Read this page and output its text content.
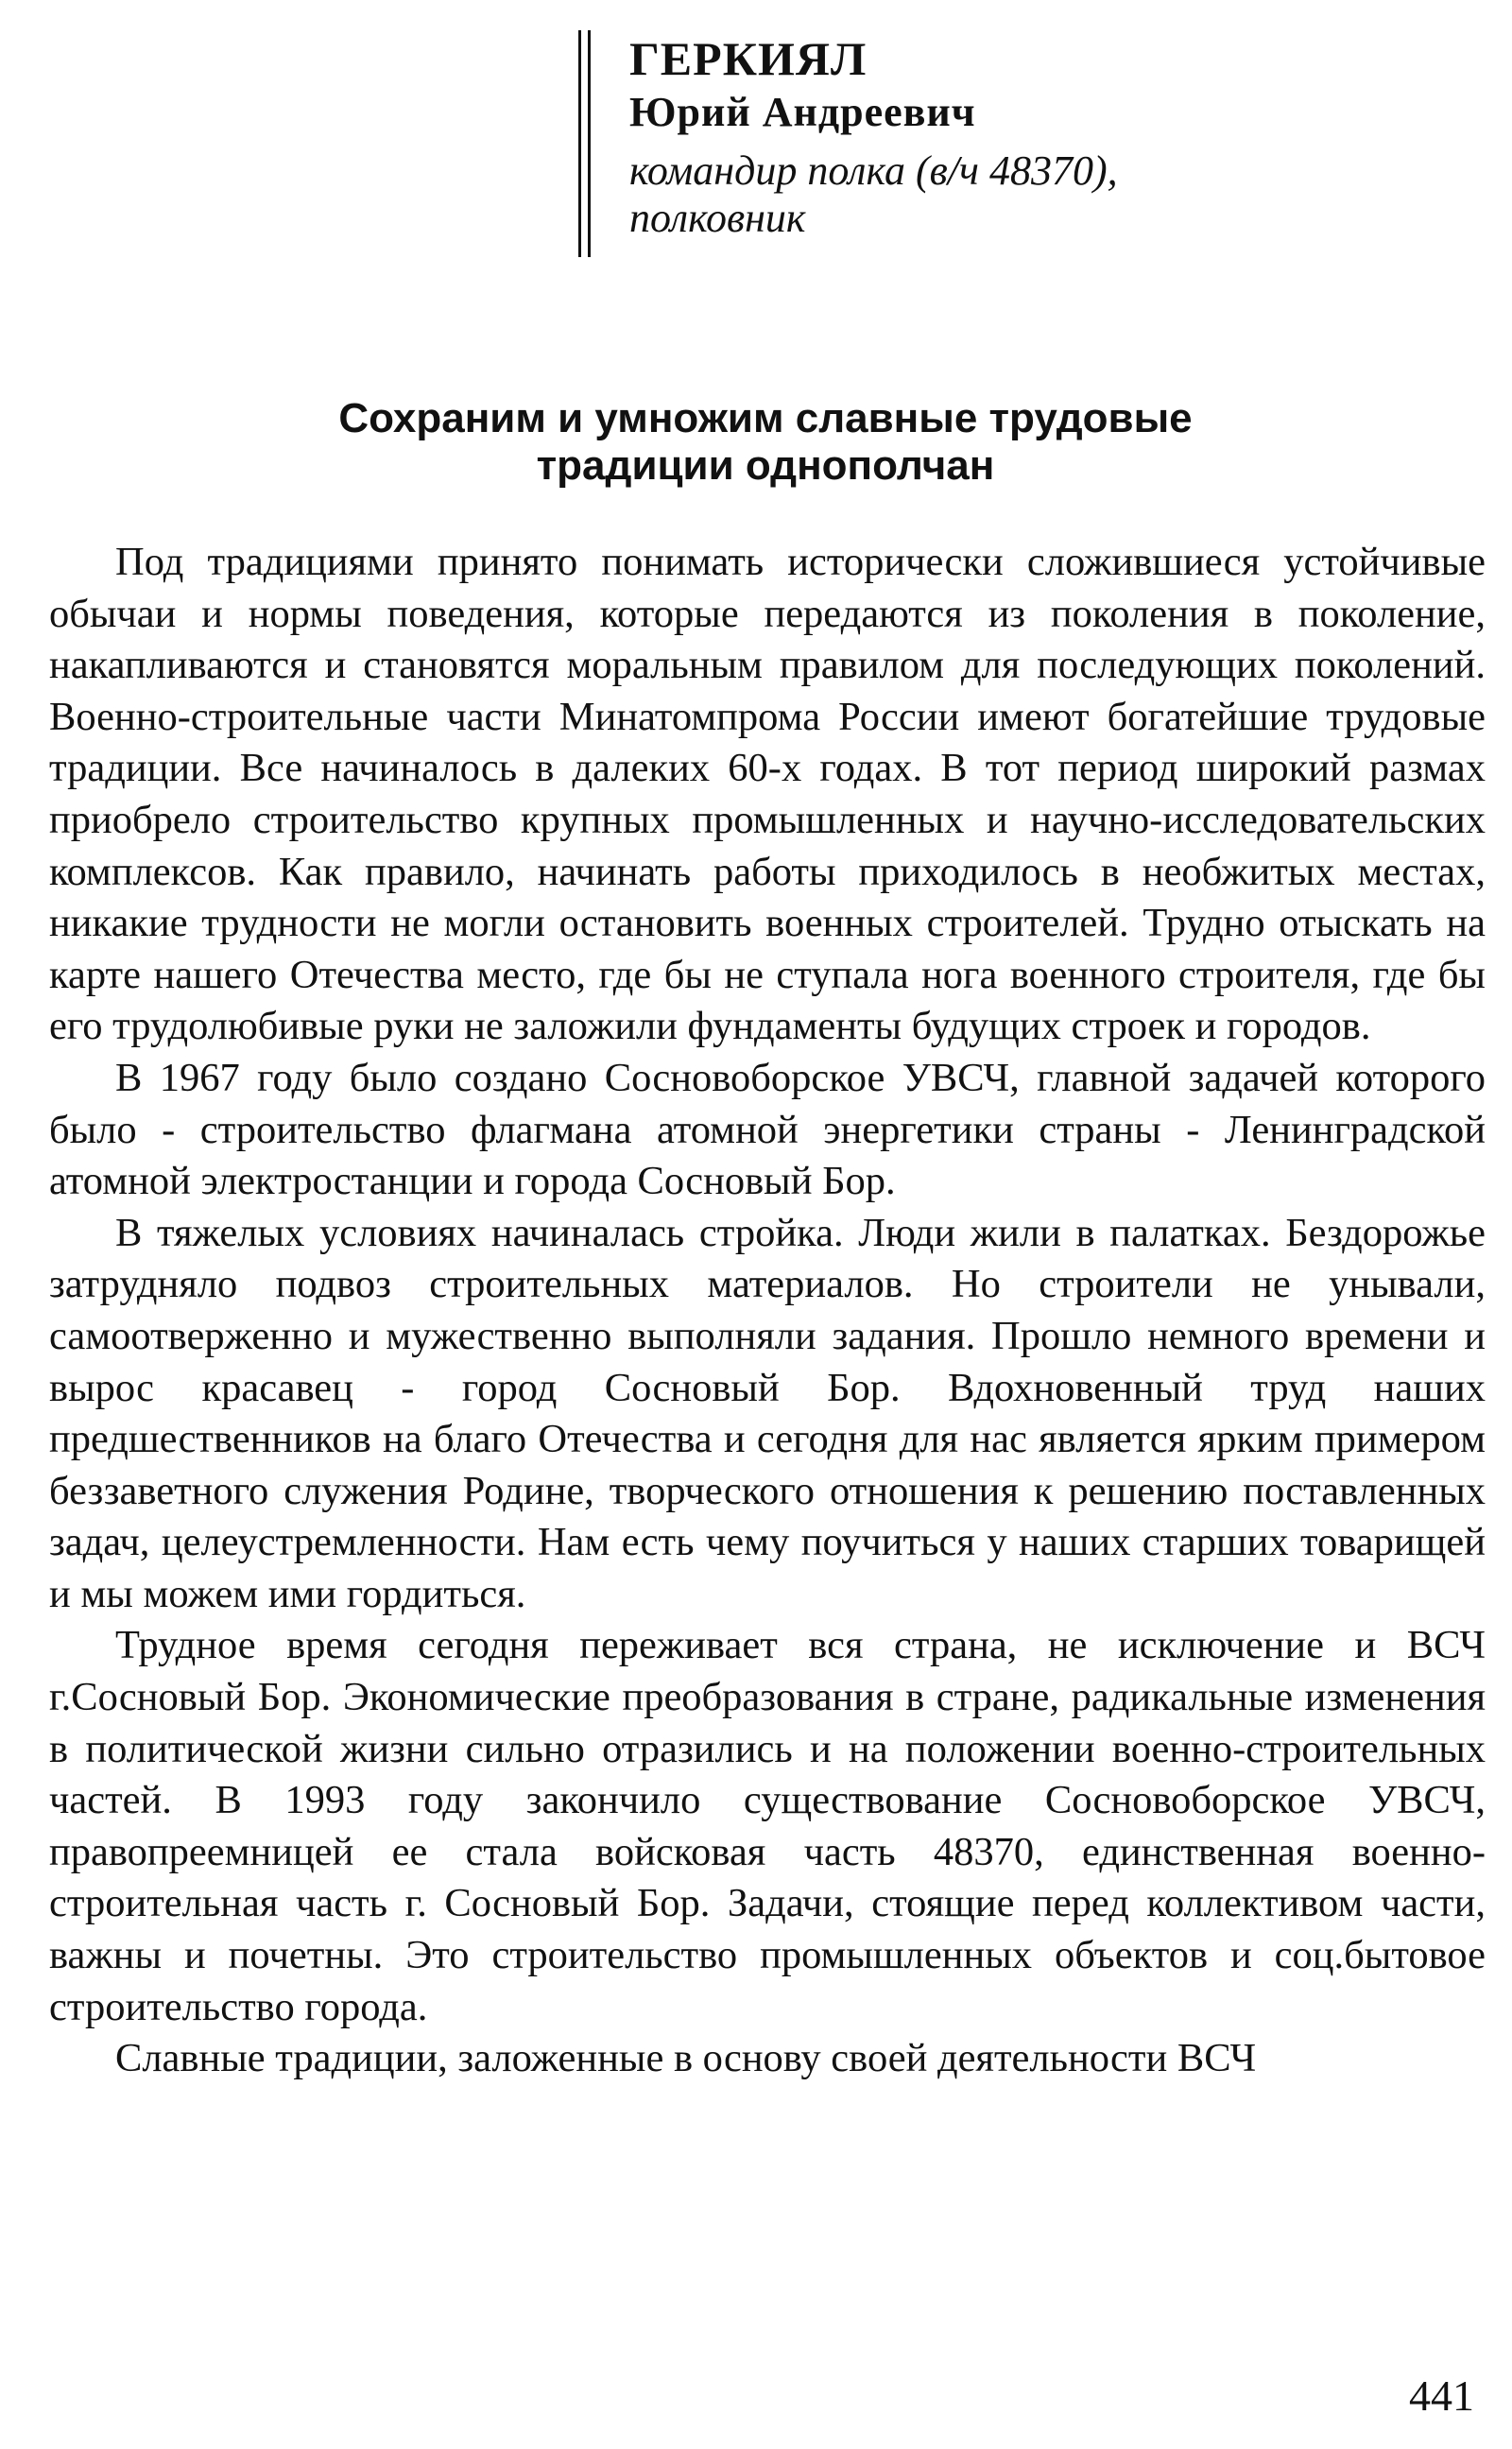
ГЕРКИЯЛ
Юрий Андреевич
командир полка (в/ч 48370),
полковник
Сохраним и умножим славные трудовые
традиции однополчан

Под традициями принято понимать исторически сложившиеся устойчивые обычаи и нормы поведения, которые передаются из поколения в поколение, накапливаются и становятся моральным правилом для последующих поколений. Военно-строительные части Минатомпрома России имеют богатейшие трудовые традиции. Все начиналось в далеких 60-х годах. В тот период широкий размах приобрело строительство крупных промышленных и научно-исследовательских комплексов. Как правило, начинать работы приходилось в необжитых местах, никакие трудности не могли остановить военных строителей. Трудно отыскать на карте нашего Отечества место, где бы не ступала нога военного строителя, где бы его трудолюбивые руки не заложили фундаменты будущих строек и городов.

В 1967 году было создано Сосновоборское УВСЧ, главной задачей которого было - строительство флагмана атомной энергетики страны - Ленинградской атомной электростанции и города Сосновый Бор.

В тяжелых условиях начиналась стройка. Люди жили в палатках. Бездорожье затрудняло подвоз строительных материалов. Но строители не унывали, самоотверженно и мужественно выполняли задания. Прошло немного времени и вырос красавец - город Сосновый Бор. Вдохновенный труд наших предшественников на благо Отечества и сегодня для нас является ярким примером беззаветного служения Родине, творческого отношения к решению поставленных задач, целеустремленности. Нам есть чему поучиться у наших старших товарищей и мы можем ими гордиться.

Трудное время сегодня переживает вся страна, не исключение и ВСЧ г.Сосновый Бор. Экономические преобразования в стране, радикальные изменения в политической жизни сильно отразились и на положении военно-строительных частей. В 1993 году закончило существование Сосновоборское УВСЧ, правопреемницей ее стала войсковая часть 48370, единственная военно-строительная часть г. Сосновый Бор. Задачи, стоящие перед коллективом части, важны и почетны. Это строительство промышленных объектов и соц.бытовое строительство города.

Славные традиции, заложенные в основу своей деятельности ВСЧ

441
